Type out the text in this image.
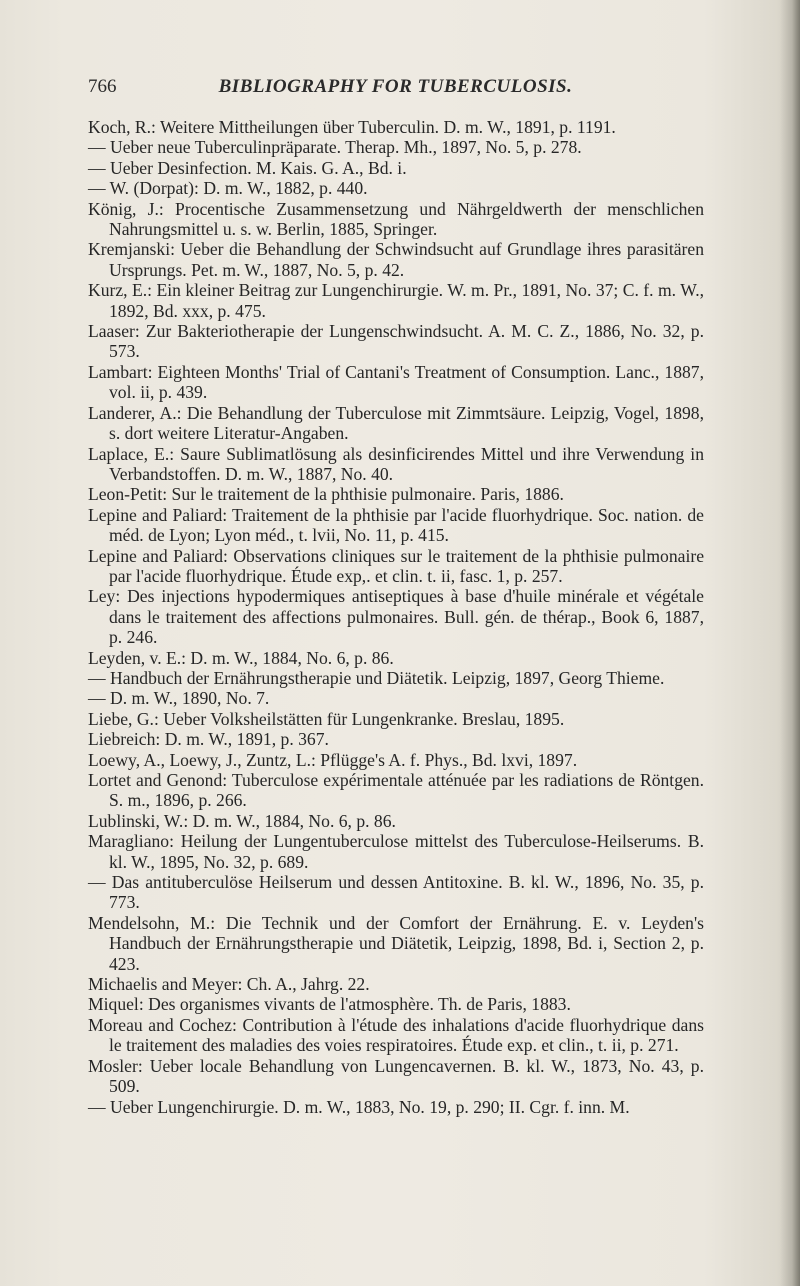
766	BIBLIOGRAPHY FOR TUBERCULOSIS.

Koch, R.: Weitere Mittheilungen über Tuberculin. D. m. W., 1891, p. 1191.

— Ueber neue Tuberculinpräparate. Therap. Mh., 1897, No. 5, p. 278.

— Ueber Desinfection. M. Kais. G. A., Bd. i.

— W. (Dorpat): D. m. W., 1882, p. 440.

König, J.: Procentische Zusammensetzung und Nährgeldwerth der menschlichen Nahrungsmittel u. s. w. Berlin, 1885, Springer.

Kremjanski: Ueber die Behandlung der Schwindsucht auf Grundlage ihres parasitären Ursprungs. Pet. m. W., 1887, No. 5, p. 42.

Kurz, E.: Ein kleiner Beitrag zur Lungenchirurgie. W. m. Pr., 1891, No. 37; C. f. m. W., 1892, Bd. xxx, p. 475.

Laaser: Zur Bakteriotherapie der Lungenschwindsucht. A. M. C. Z., 1886, No. 32, p. 573.

Lambart: Eighteen Months' Trial of Cantani's Treatment of Consumption. Lanc., 1887, vol. ii, p. 439.

Landerer, A.: Die Behandlung der Tuberculose mit Zimmtsäure. Leipzig, Vogel, 1898, s. dort weitere Literatur-Angaben.

Laplace, E.: Saure Sublimatlösung als desinficirendes Mittel und ihre Verwendung in Verbandstoffen. D. m. W., 1887, No. 40.

Leon-Petit: Sur le traitement de la phthisie pulmonaire. Paris, 1886.

Lepine and Paliard: Traitement de la phthisie par l'acide fluorhydrique. Soc. nation. de méd. de Lyon; Lyon méd., t. lvii, No. 11, p. 415.

Lepine and Paliard: Observations cliniques sur le traitement de la phthisie pulmonaire par l'acide fluorhydrique. Étude exp,. et clin. t. ii, fasc. 1, p. 257.

Ley: Des injections hypodermiques antiseptiques à base d'huile minérale et végétale dans le traitement des affections pulmonaires. Bull. gén. de thérap., Book 6, 1887, p. 246.

Leyden, v. E.: D. m. W., 1884, No. 6, p. 86.

— Handbuch der Ernährungstherapie und Diätetik. Leipzig, 1897, Georg Thieme.

— D. m. W., 1890, No. 7.

Liebe, G.: Ueber Volksheilstätten für Lungenkranke. Breslau, 1895.

Liebreich: D. m. W., 1891, p. 367.

Loewy, A., Loewy, J., Zuntz, L.: Pflügge's A. f. Phys., Bd. lxvi, 1897.

Lortet and Genond: Tuberculose expérimentale atténuée par les radiations de Röntgen. S. m., 1896, p. 266.

Lublinski, W.: D. m. W., 1884, No. 6, p. 86.

Maragliano: Heilung der Lungentuberculose mittelst des Tuberculose-Heilserums. B. kl. W., 1895, No. 32, p. 689.

— Das antituberculöse Heilserum und dessen Antitoxine. B. kl. W., 1896, No. 35, p. 773.

Mendelsohn, M.: Die Technik und der Comfort der Ernährung. E. v. Leyden's Handbuch der Ernährungstherapie und Diätetik, Leipzig, 1898, Bd. i, Section 2, p. 423.

Michaelis and Meyer: Ch. A., Jahrg. 22.

Miquel: Des organismes vivants de l'atmosphère. Th. de Paris, 1883.

Moreau and Cochez: Contribution à l'étude des inhalations d'acide fluorhydrique dans le traitement des maladies des voies respiratoires. Étude exp. et clin., t. ii, p. 271.

Mosler: Ueber locale Behandlung von Lungencavernen. B. kl. W., 1873, No. 43, p. 509.

— Ueber Lungenchirurgie. D. m. W., 1883, No. 19, p. 290; II. Cgr. f. inn. M.
